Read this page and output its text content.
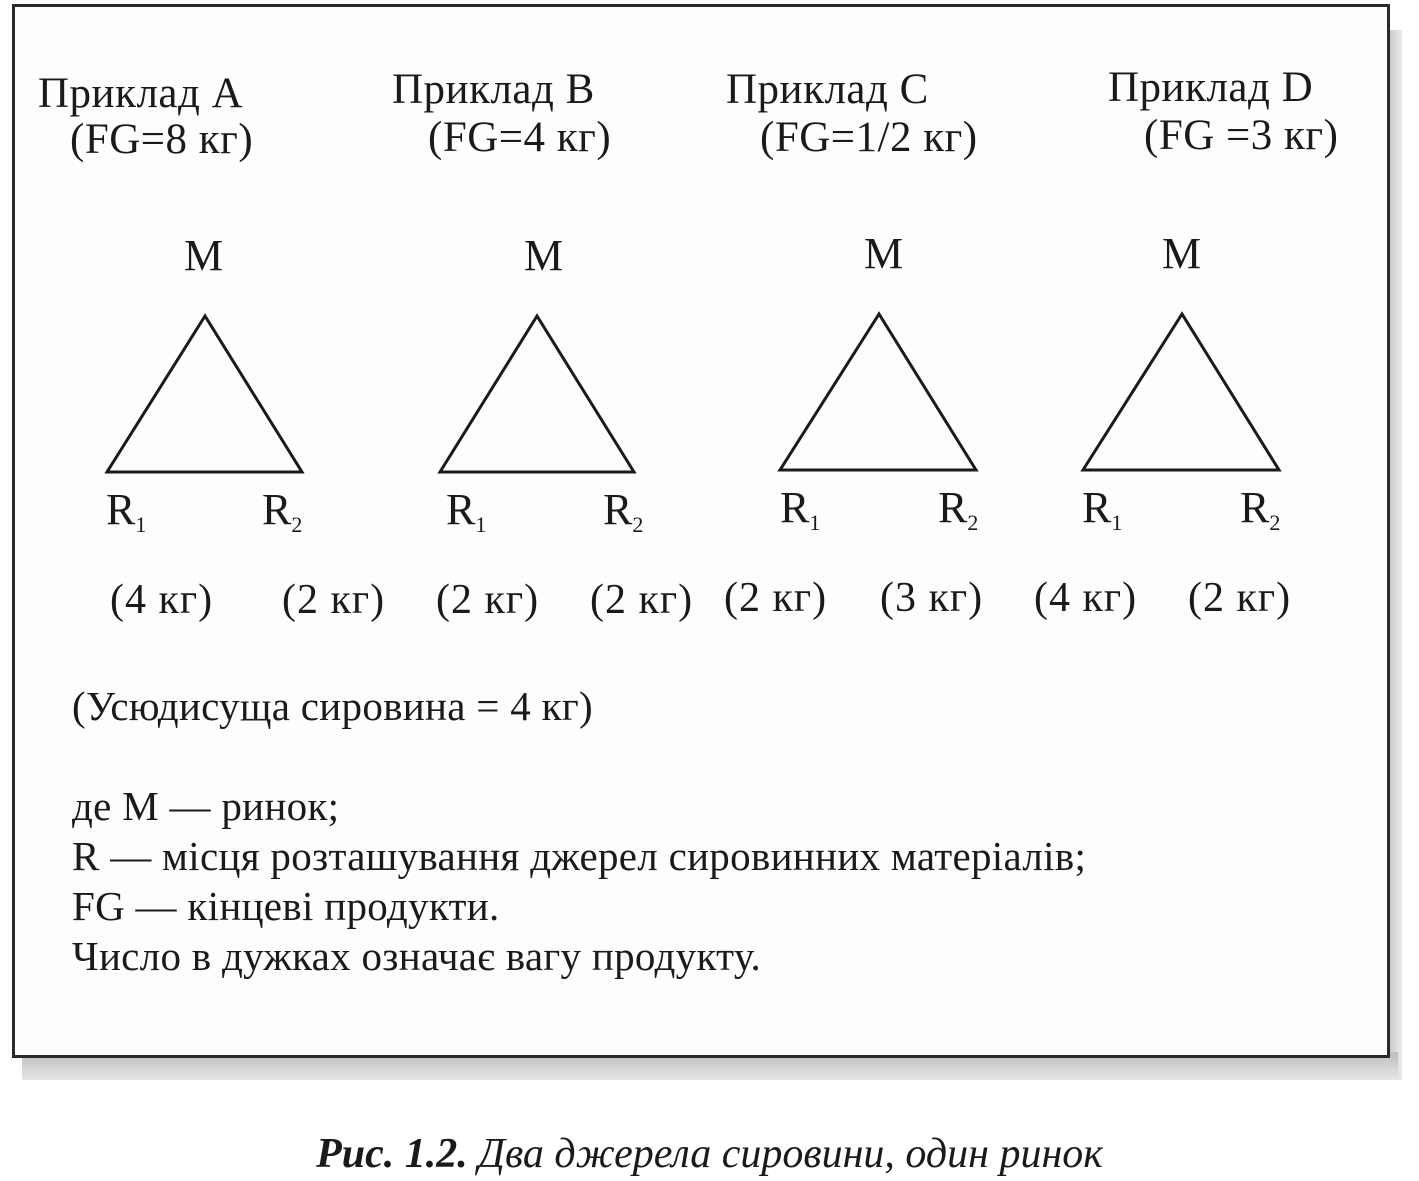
Приклад А	Приклад В	Приклад С	Приклад D
(FG=8 кг)	(FG=4 кг)	(FG=1/2 кг)	(FG =3 кг)
M	M	M	M
$R_1$	$R_2$	$R_1$	$R_2$	$R_1$	$R_2$ $R_1$	$R_2$
(4 кг) (2 кг) (2 кг) (2 кг) (2 кг) (3 кг) (4 кг) (2 кг)
(Усюдисуща сировина = 4 кг)
де М — ринок;
R — місця розташування джерел сировинних матеріалів;
FG — кінцеві продукти.
Число в дужках означає вагу продукту.
Рис. 1.2. Два джерела сировини, один ринок
